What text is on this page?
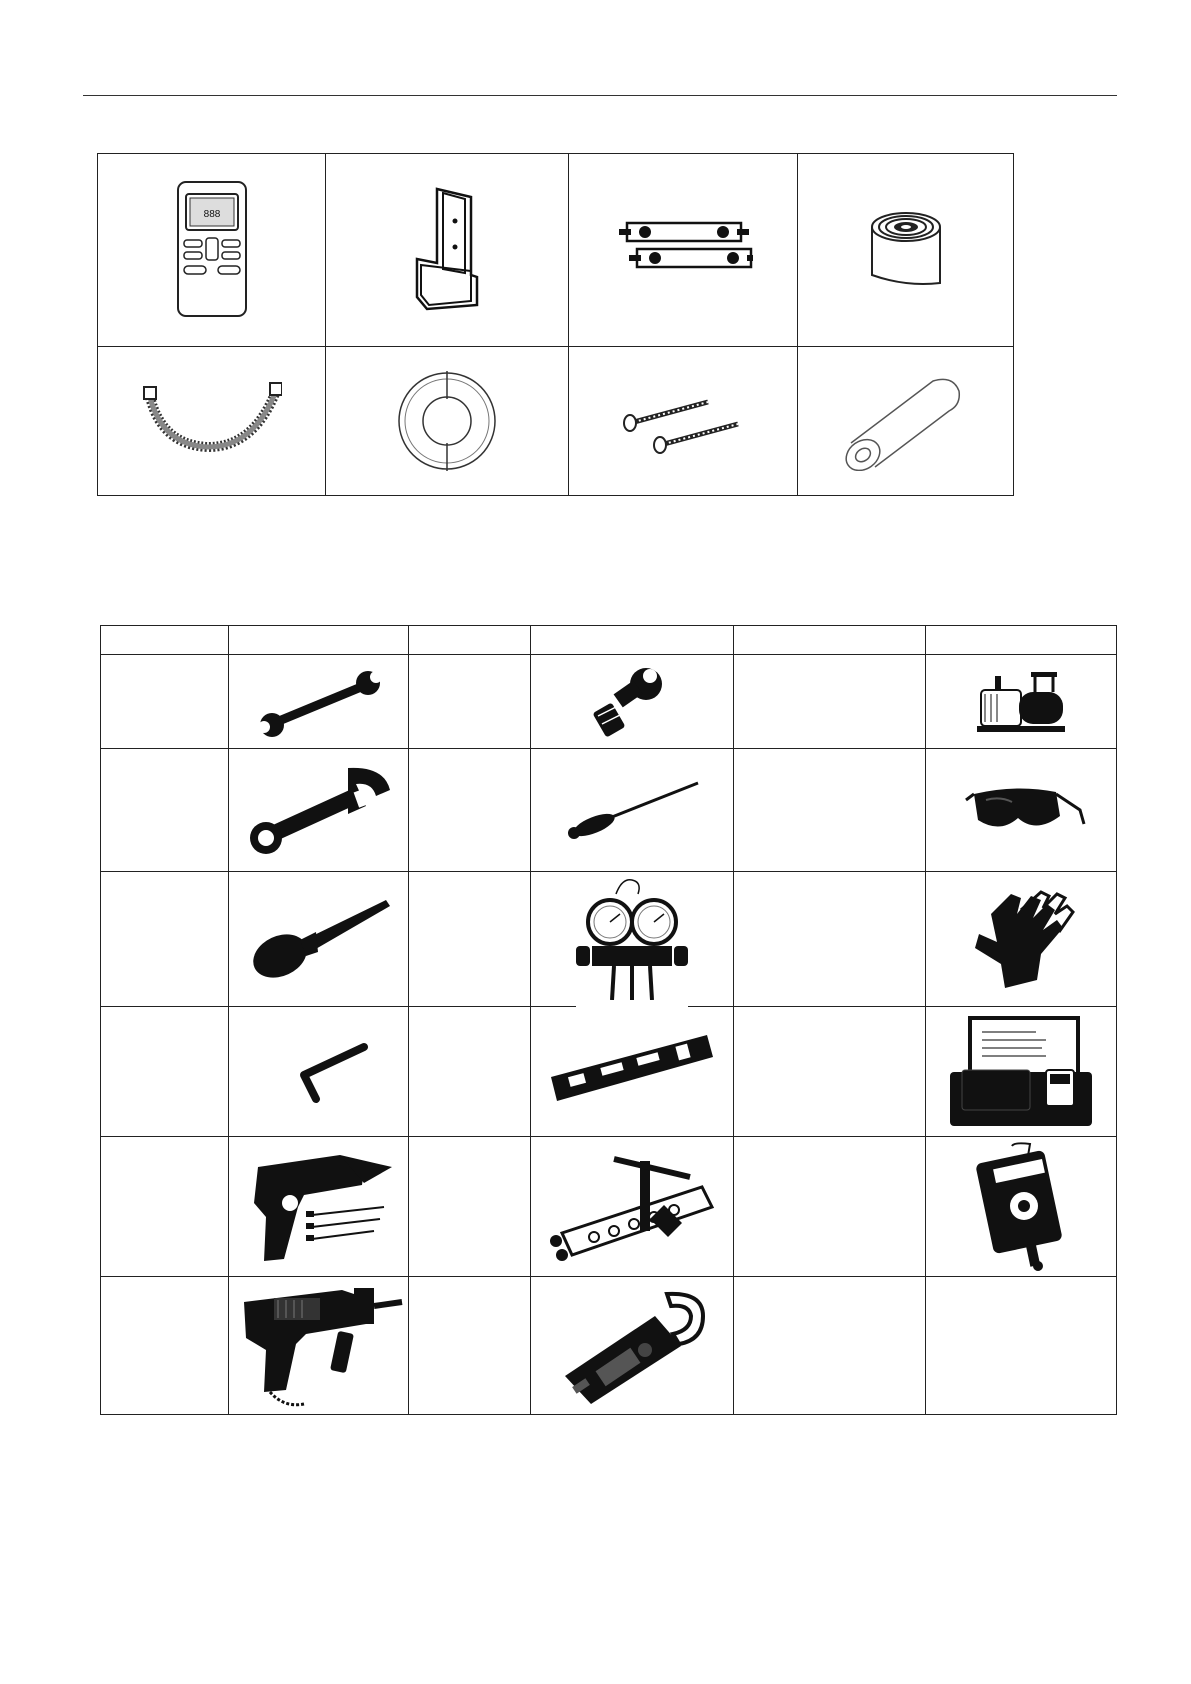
888
